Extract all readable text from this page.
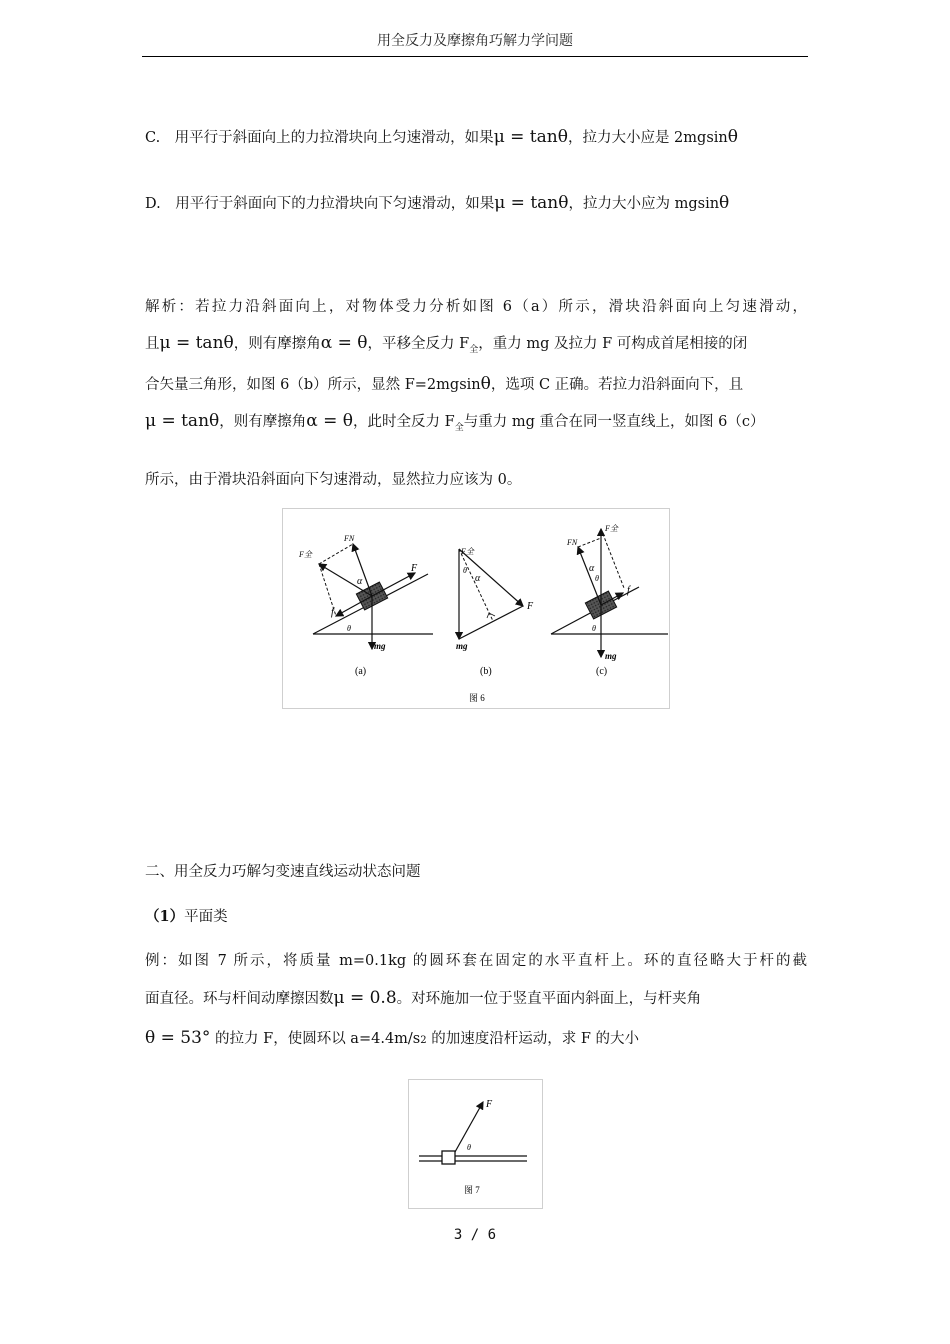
用全反力及摩擦角巧解力学问题
C.　用平行于斜面向上的力拉滑块向上匀速滑动，如果μ = tanθ，拉力大小应是 2mgsinθ
D.　用平行于斜面向下的力拉滑块向下匀速滑动，如果μ = tanθ，拉力大小应为 mgsinθ
解析：若拉力沿斜面向上，对物体受力分析如图 6（a）所示，滑块沿斜面向上匀速滑动，
且μ = tanθ，则有摩擦角α = θ，平移全反力 $F_全$，重力 mg 及拉力 F 可构成首尾相接的闭
合矢量三角形，如图 6（b）所示，显然 F=2mgsinθ，选项 C 正确。若拉力沿斜面向下，且
μ = tanθ，则有摩擦角α = θ，此时全反力 $F_全$与重力 mg 重合在同一竖直线上，如图 6（c）
所示，由于滑块沿斜面向下匀速滑动，显然拉力应该为 0。
F
mg
f
α
θ
F全
FN
(a)
F全
F
mg
α
θ
(b)
F全
FN
f
α
θ
θ
mg
(c)
图 6
二、用全反力巧解匀变速直线运动状态问题
（1）平面类
例：如图 7 所示，将质量 m=0.1kg 的圆环套在固定的水平直杆上。环的直径略大于杆的截
面直径。环与杆间动摩擦因数μ = 0.8。对环施加一位于竖直平面内斜面上，与杆夹角
θ = 53° 的拉力 F，使圆环以 a=4.4m/s2 的加速度沿杆运动，求 F 的大小
F
θ
图 7
3 / 6
